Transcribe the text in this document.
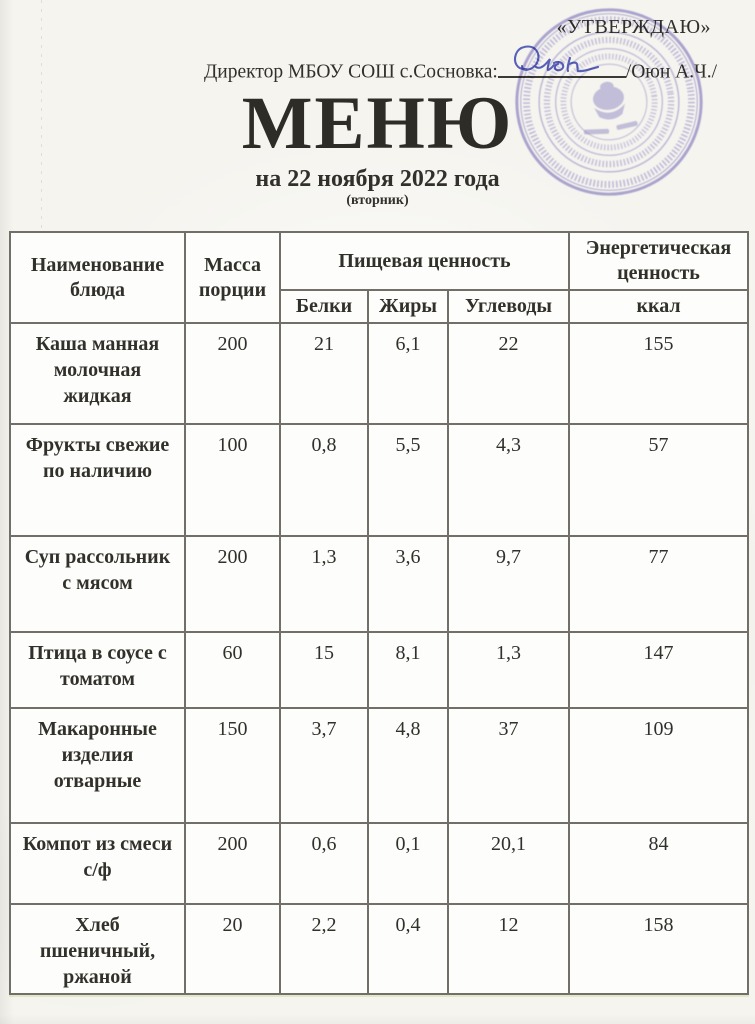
«УТВЕРЖДАЮ»
Директор МБОУ СОШ с.Сосновка:	/Оюн А.Ч./
МЕНЮ
на 22 ноября 2022 года
(вторник)
Наименование блюда	Масса порции	Пищевая ценность			Энергетическая ценность
		Белки	Жиры	Углеводы	ккал
Каша манная молочная жидкая	200	21	6,1	22	155
Фрукты свежие по наличию	100	0,8	5,5	4,3	57
Суп рассольник с мясом	200	1,3	3,6	9,7	77
Птица в соусе с томатом	60	15	8,1	1,3	147
Макаронные изделия отварные	150	3,7	4,8	37	109
Компот из смеси с/ф	200	0,6	0,1	20,1	84
Хлеб пшеничный, ржаной	20	2,2	0,4	12	158
